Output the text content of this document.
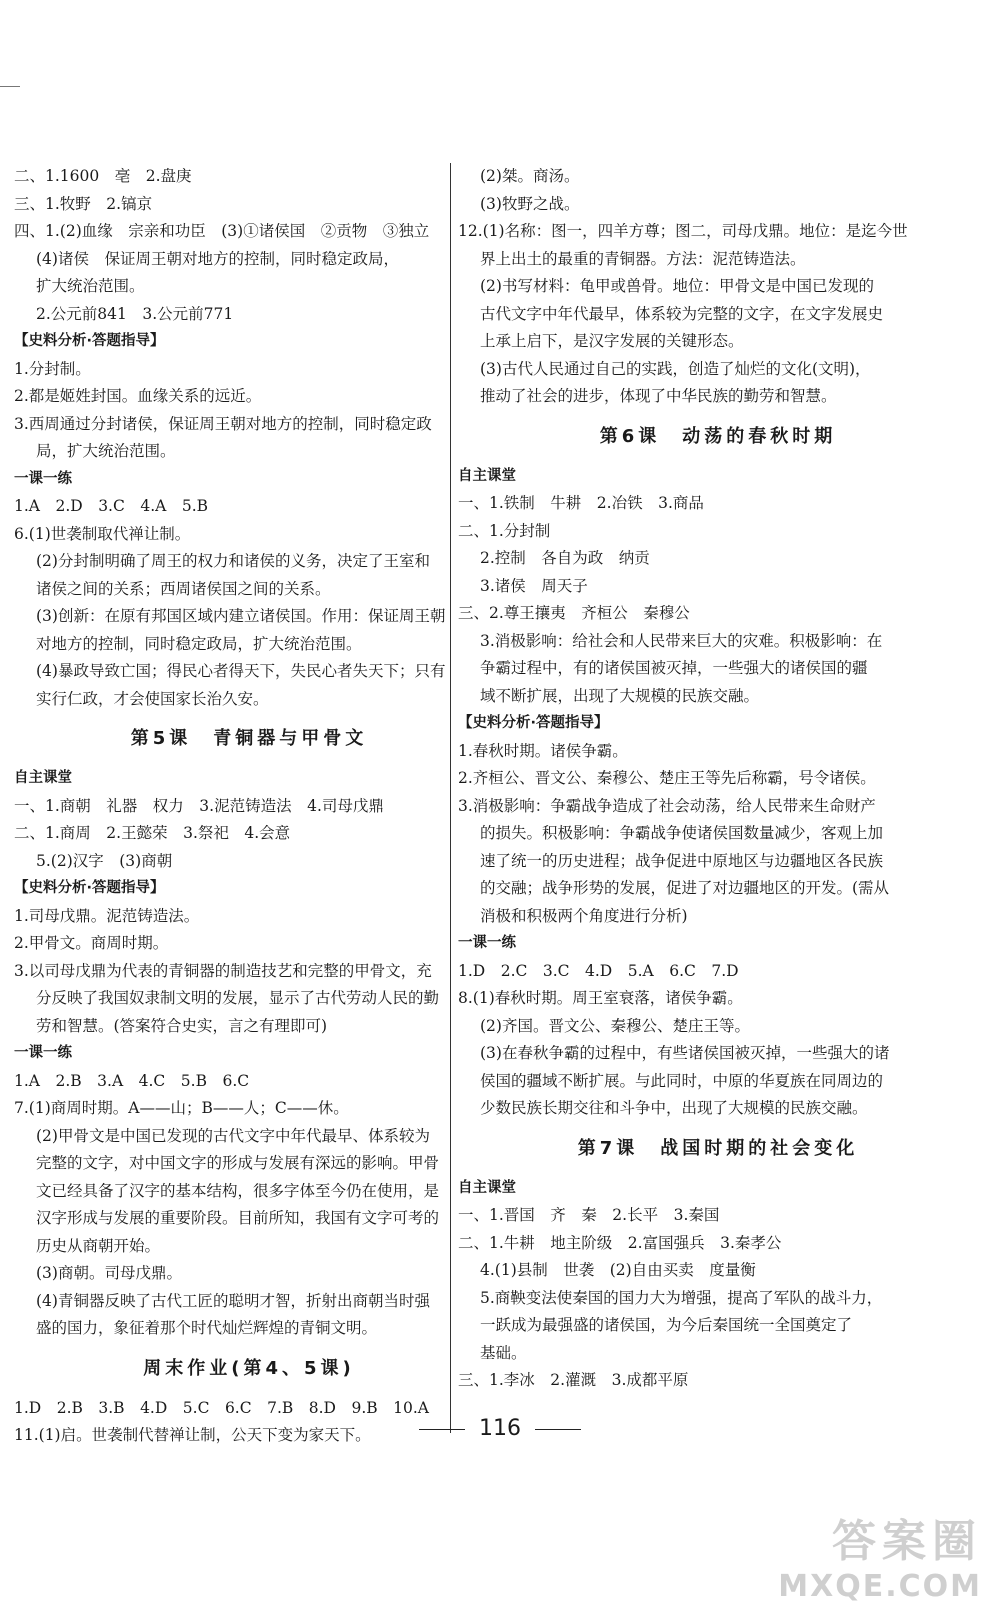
二、1.1600　亳　2.盘庚
三、1.牧野　2.镐京
四、1.(2)血缘　宗亲和功臣　(3)①诸侯国　②贡物　③独立
(4)诸侯　保证周王朝对地方的控制，同时稳定政局，
扩大统治范围。
2.公元前841　3.公元前771
【史料分析·答题指导】
1.分封制。
2.都是姬姓封国。血缘关系的远近。
3.西周通过分封诸侯，保证周王朝对地方的控制，同时稳定政
局，扩大统治范围。
一课一练
1.A　2.D　3.C　4.A　5.B
6.(1)世袭制取代禅让制。
(2)分封制明确了周王的权力和诸侯的义务，决定了王室和
诸侯之间的关系；西周诸侯国之间的关系。
(3)创新：在原有邦国区域内建立诸侯国。作用：保证周王朝
对地方的控制，同时稳定政局，扩大统治范围。
(4)暴政导致亡国；得民心者得天下，失民心者失天下；只有
实行仁政，才会使国家长治久安。
第5课　青铜器与甲骨文
自主课堂
一、1.商朝　礼器　权力　3.泥范铸造法　4.司母戊鼎
二、1.商周　2.王懿荣　3.祭祀　4.会意
5.(2)汉字　(3)商朝
【史料分析·答题指导】
1.司母戊鼎。泥范铸造法。
2.甲骨文。商周时期。
3.以司母戊鼎为代表的青铜器的制造技艺和完整的甲骨文，充
分反映了我国奴隶制文明的发展，显示了古代劳动人民的勤
劳和智慧。(答案符合史实，言之有理即可)
一课一练
1.A　2.B　3.A　4.C　5.B　6.C
7.(1)商周时期。A——山；B——人；C——休。
(2)甲骨文是中国已发现的古代文字中年代最早、体系较为
完整的文字，对中国文字的形成与发展有深远的影响。甲骨
文已经具备了汉字的基本结构，很多字体至今仍在使用，是
汉字形成与发展的重要阶段。目前所知，我国有文字可考的
历史从商朝开始。
(3)商朝。司母戊鼎。
(4)青铜器反映了古代工匠的聪明才智，折射出商朝当时强
盛的国力，象征着那个时代灿烂辉煌的青铜文明。
周末作业(第4、5课)
1.D　2.B　3.B　4.D　5.C　6.C　7.B　8.D　9.B　10.A
11.(1)启。世袭制代替禅让制，公天下变为家天下。
(2)桀。商汤。
(3)牧野之战。
12.(1)名称：图一，四羊方尊；图二，司母戊鼎。地位：是迄今世
界上出土的最重的青铜器。方法：泥范铸造法。
(2)书写材料：龟甲或兽骨。地位：甲骨文是中国已发现的
古代文字中年代最早，体系较为完整的文字，在文字发展史
上承上启下，是汉字发展的关键形态。
(3)古代人民通过自己的实践，创造了灿烂的文化(文明)，
推动了社会的进步，体现了中华民族的勤劳和智慧。
第6课　动荡的春秋时期
自主课堂
一、1.铁制　牛耕　2.冶铁　3.商品
二、1.分封制
2.控制　各自为政　纳贡
3.诸侯　周天子
三、2.尊王攘夷　齐桓公　秦穆公
3.消极影响：给社会和人民带来巨大的灾难。积极影响：在
争霸过程中，有的诸侯国被灭掉，一些强大的诸侯国的疆
域不断扩展，出现了大规模的民族交融。
【史料分析·答题指导】
1.春秋时期。诸侯争霸。
2.齐桓公、晋文公、秦穆公、楚庄王等先后称霸，号令诸侯。
3.消极影响：争霸战争造成了社会动荡，给人民带来生命财产
的损失。积极影响：争霸战争使诸侯国数量减少，客观上加
速了统一的历史进程；战争促进中原地区与边疆地区各民族
的交融；战争形势的发展，促进了对边疆地区的开发。(需从
消极和积极两个角度进行分析)
一课一练
1.D　2.C　3.C　4.D　5.A　6.C　7.D
8.(1)春秋时期。周王室衰落，诸侯争霸。
(2)齐国。晋文公、秦穆公、楚庄王等。
(3)在春秋争霸的过程中，有些诸侯国被灭掉，一些强大的诸
侯国的疆域不断扩展。与此同时，中原的华夏族在同周边的
少数民族长期交往和斗争中，出现了大规模的民族交融。
第7课　战国时期的社会变化
自主课堂
一、1.晋国　齐　秦　2.长平　3.秦国
二、1.牛耕　地主阶级　2.富国强兵　3.秦孝公
4.(1)县制　世袭　(2)自由买卖　度量衡
5.商鞅变法使秦国的国力大为增强，提高了军队的战斗力，
一跃成为最强盛的诸侯国，为今后秦国统一全国奠定了
基础。
三、1.李冰　2.灌溉　3.成都平原
116
答案圈
MXQE.COM
